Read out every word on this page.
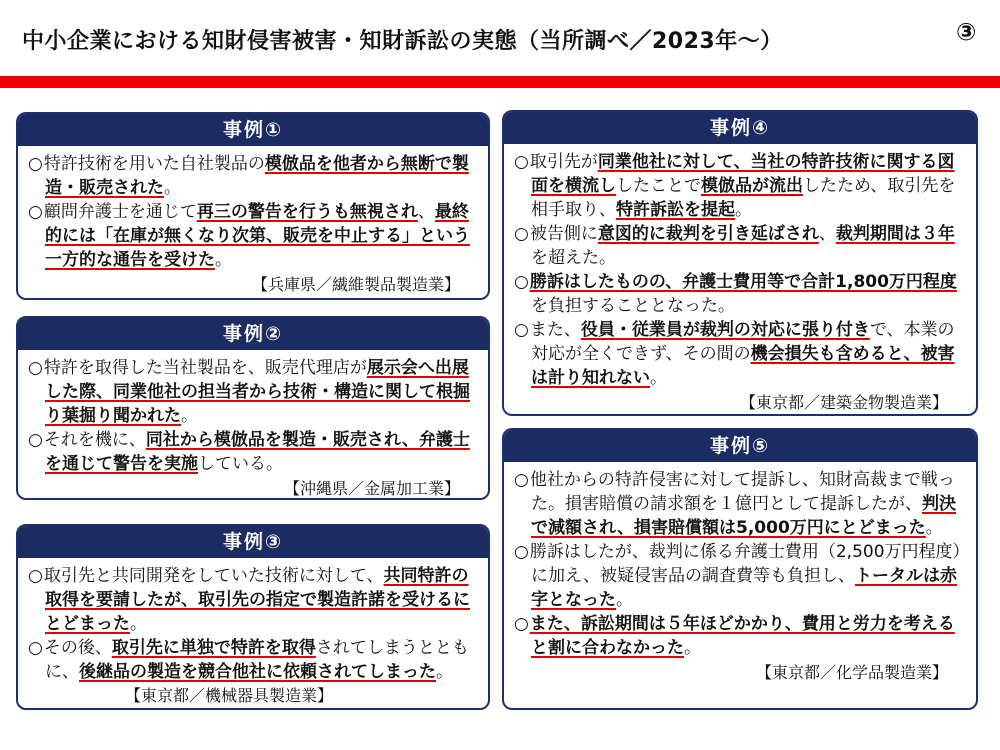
中小企業における知財侵害被害・知財訴訟の実態（当所調べ／2023年〜）	③
事例①

○特許技術を用いた自社製品の模倣品を他者から無断で製造・販売された。

○顧問弁護士を通じて再三の警告を行うも無視され、最終的には「在庫が無くなり次第、販売を中止する」という一方的な通告を受けた。

【兵庫県／繊維製品製造業】
事例②

○特許を取得した当社製品を、販売代理店が展示会へ出展した際、同業他社の担当者から技術・構造に関して根掘り葉掘り聞かれた。

○それを機に、同社から模倣品を製造・販売され、弁護士を通じて警告を実施している。

【沖縄県／金属加工業】
事例③

○取引先と共同開発をしていた技術に対して、共同特許の取得を要請したが、取引先の指定で製造許諾を受けるにとどまった。

○その後、取引先に単独で特許を取得されてしまうとともに、後継品の製造を競合他社に依頼されてしまった。【東京都／機械器具製造業】

事例④

○取引先が同業他社に対して、当社の特許技術に関する図面を横流ししたことで模倣品が流出したため、取引先を相手取り、特許訴訟を提起。

○被告側に意図的に裁判を引き延ばされ、裁判期間は３年を超えた。

○勝訴はしたものの、弁護士費用等で合計1,800万円程度を負担することとなった。

○また、役員・従業員が裁判の対応に張り付きで、本業の対応が全くできず、その間の機会損失も含めると、被害は計り知れない。

【東京都／建築金物製造業】
事例⑤

○他社からの特許侵害に対して提訴し、知財高裁まで戦った。損害賠償の請求額を１億円として提訴したが、判決で減額され、損害賠償額は5,000万円にとどまった。

○勝訴はしたが、裁判に係る弁護士費用（2,500万円程度）に加え、被疑侵害品の調査費等も負担し、トータルは赤字となった。

○また、訴訟期間は５年ほどかかり、費用と労力を考えると割に合わなかった。

【東京都／化学品製造業】
